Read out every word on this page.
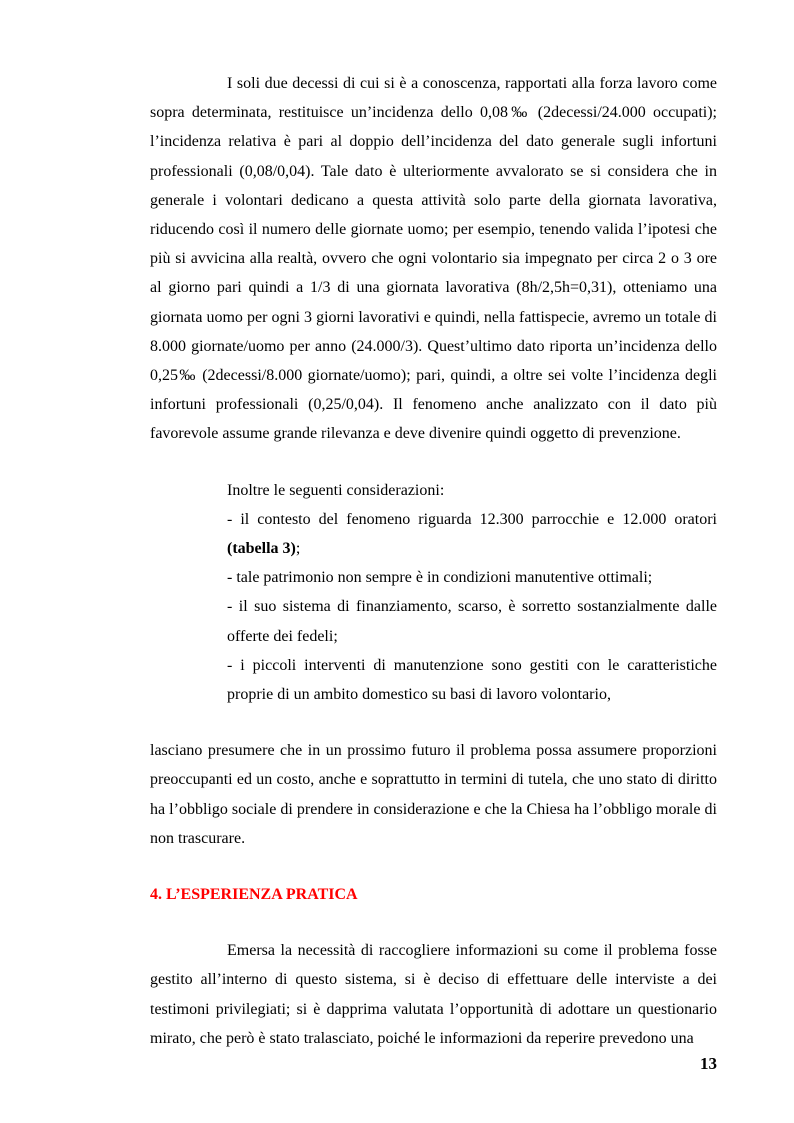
I soli due decessi di cui si è a conoscenza, rapportati alla forza lavoro come sopra determinata, restituisce un’incidenza dello 0,08‰ (2decessi/24.000 occupati); l’incidenza relativa è pari al doppio dell’incidenza del dato generale sugli infortuni professionali (0,08/0,04). Tale dato è ulteriormente avvalorato se si considera che in generale i volontari dedicano a questa attività solo parte della giornata lavorativa, riducendo così il numero delle giornate uomo; per esempio, tenendo valida l’ipotesi che più si avvicina alla realtà, ovvero che ogni volontario sia impegnato per circa 2 o 3 ore al giorno pari quindi a 1/3 di una giornata lavorativa (8h/2,5h=0,31), otteniamo una giornata uomo per ogni 3 giorni lavorativi e quindi, nella fattispecie, avremo un totale di 8.000 giornate/uomo per anno (24.000/3). Quest’ultimo dato riporta un’incidenza dello 0,25‰ (2decessi/8.000 giornate/uomo); pari, quindi, a oltre sei volte l’incidenza degli infortuni professionali (0,25/0,04). Il fenomeno anche analizzato con il dato più favorevole assume grande rilevanza e deve divenire quindi oggetto di prevenzione.

Inoltre le seguenti considerazioni:

- il contesto del fenomeno riguarda 12.300 parrocchie e 12.000 oratori (tabella 3);

- tale patrimonio non sempre è in condizioni manutentive ottimali;

- il suo sistema di finanziamento, scarso, è sorretto sostanzialmente dalle offerte dei fedeli;

- i piccoli interventi di manutenzione sono gestiti con le caratteristiche proprie di un ambito domestico su basi di lavoro volontario,

lasciano presumere che in un prossimo futuro il problema possa assumere proporzioni preoccupanti ed un costo, anche e soprattutto in termini di tutela, che uno stato di diritto ha l’obbligo sociale di prendere in considerazione e che la Chiesa ha l’obbligo morale di non trascurare.

4. L’ESPERIENZA PRATICA

Emersa la necessità di raccogliere informazioni su come il problema fosse gestito all’interno di questo sistema, si è deciso di effettuare delle interviste a dei testimoni privilegiati; si è dapprima valutata l’opportunità di adottare un questionario mirato, che però è stato tralasciato, poiché le informazioni da reperire prevedono una

13
